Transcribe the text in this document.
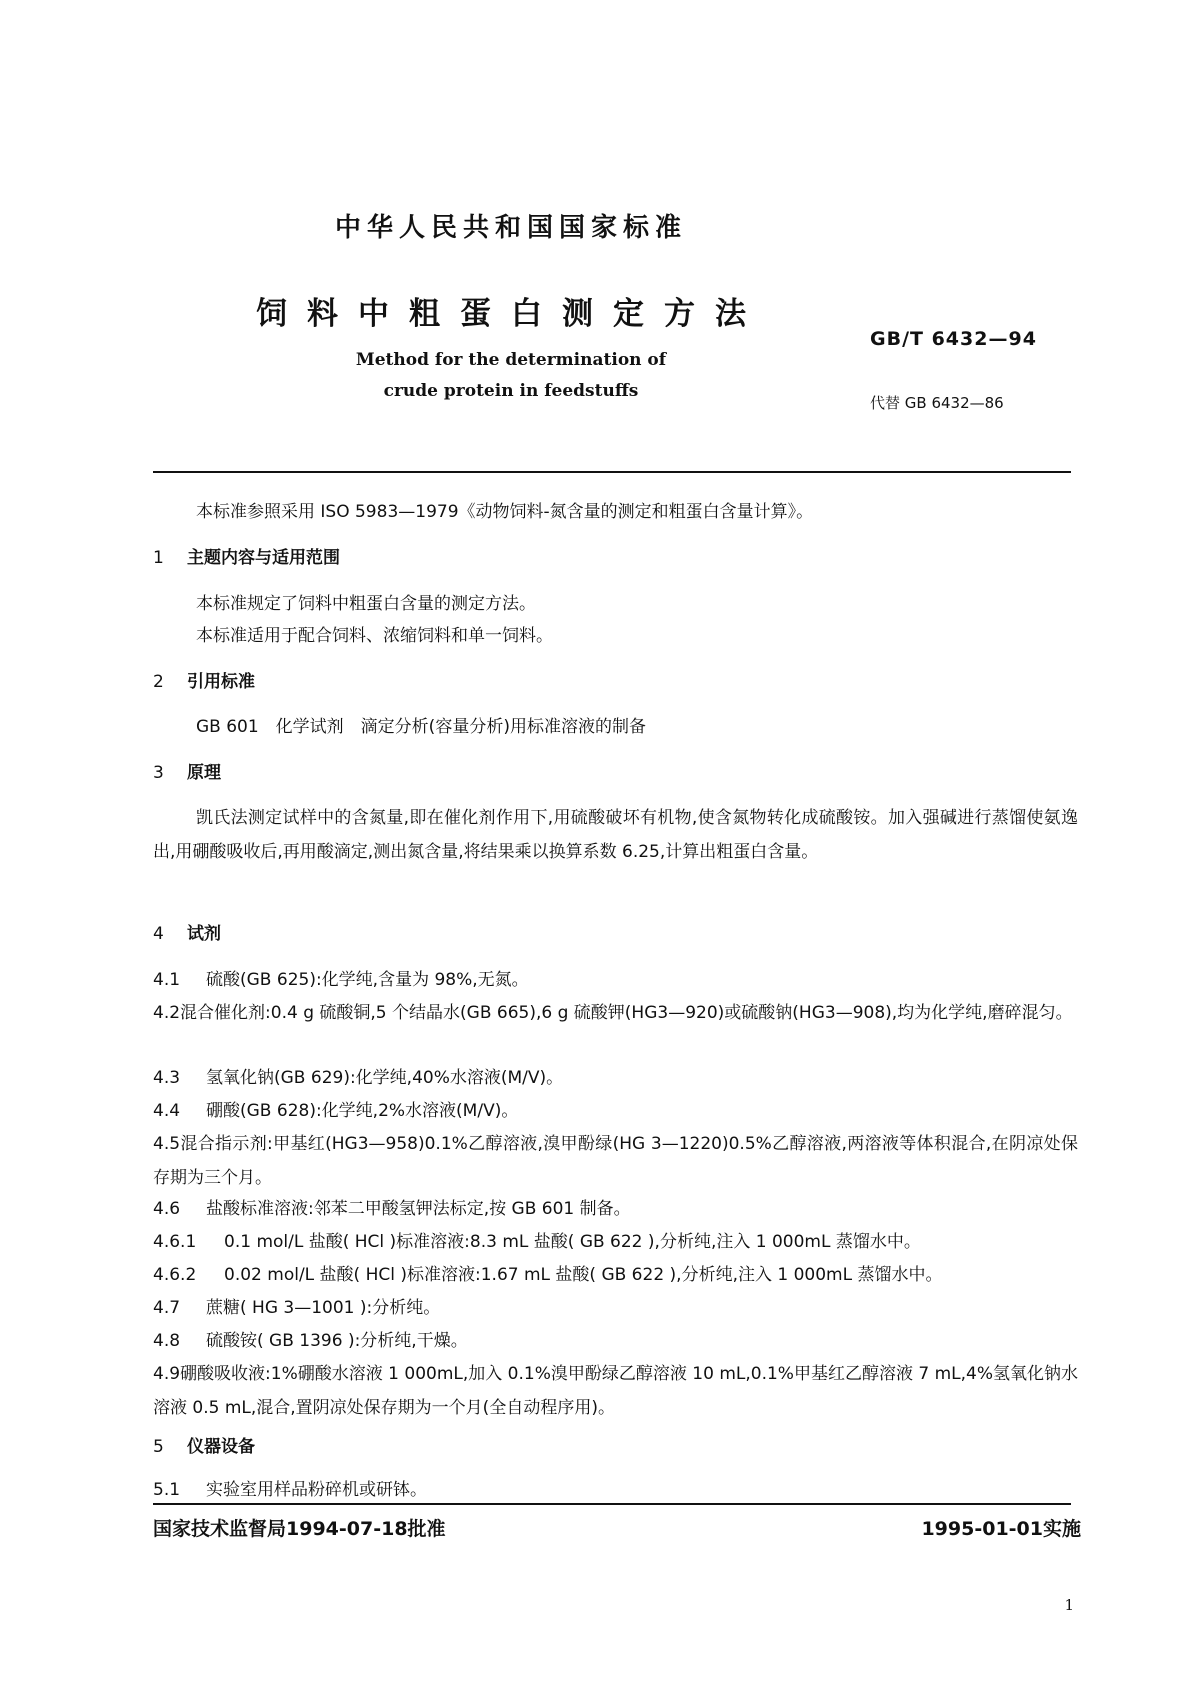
中华人民共和国国家标准
饲料中粗蛋白测定方法
Method for the determination of
crude protein in feedstuffs
GB/T 6432—94
代替 GB 6432—86

本标准参照采用 ISO 5983—1979《动物饲料-氮含量的测定和粗蛋白含量计算》。

1 主题内容与适用范围

本标准规定了饲料中粗蛋白含量的测定方法。

本标准适用于配合饲料、浓缩饲料和单一饲料。

2 引用标准

GB 601　化学试剂　滴定分析(容量分析)用标准溶液的制备

3 原理

凯氏法测定试样中的含氮量,即在催化剂作用下,用硫酸破坏有机物,使含氮物转化成硫酸铵。加入强碱进行蒸馏使氨逸出,用硼酸吸收后,再用酸滴定,测出氮含量,将结果乘以换算系数 6.25,计算出粗蛋白含量。

4 试剂

4.1 硫酸(GB 625):化学纯,含量为 98%,无氮。

4.2混合催化剂:0.4 g 硫酸铜,5 个结晶水(GB 665),6 g 硫酸钾(HG3—920)或硫酸钠(HG3—908),均为化学纯,磨碎混匀。

4.3 氢氧化钠(GB 629):化学纯,40%水溶液(M/V)。

4.4 硼酸(GB 628):化学纯,2%水溶液(M/V)。

4.5混合指示剂:甲基红(HG3—958)0.1%乙醇溶液,溴甲酚绿(HG 3—1220)0.5%乙醇溶液,两溶液等体积混合,在阴凉处保存期为三个月。

4.6 盐酸标准溶液:邻苯二甲酸氢钾法标定,按 GB 601 制备。

4.6.1 0.1 mol/L 盐酸( HCl )标准溶液:8.3 mL 盐酸( GB 622 ),分析纯,注入 1 000mL 蒸馏水中。

4.6.2 0.02 mol/L 盐酸( HCl )标准溶液:1.67 mL 盐酸( GB 622 ),分析纯,注入 1 000mL 蒸馏水中。

4.7 蔗糖( HG 3—1001 ):分析纯。

4.8 硫酸铵( GB 1396 ):分析纯,干燥。

4.9硼酸吸收液:1%硼酸水溶液 1 000mL,加入 0.1%溴甲酚绿乙醇溶液 10 mL,0.1%甲基红乙醇溶液 7 mL,4%氢氧化钠水溶液 0.5 mL,混合,置阴凉处保存期为一个月(全自动程序用)。

5 仪器设备

5.1 实验室用样品粉碎机或研钵。

国家技术监督局1994-07-18批准	1995-01-01实施
1
